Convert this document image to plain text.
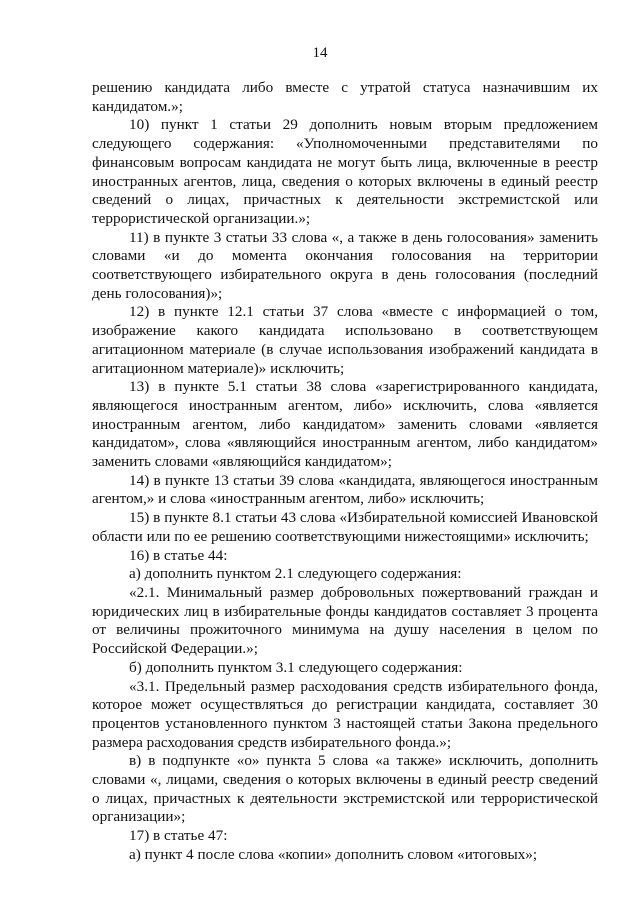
14

решению кандидата либо вместе с утратой статуса назначившим их кандидатом.»;

10) пункт 1 статьи 29 дополнить новым вторым предложением следующего содержания: «Уполномоченными представителями по финансовым вопросам кандидата не могут быть лица, включенные в реестр иностранных агентов, лица, сведения о которых включены в единый реестр сведений о лицах, причастных к деятельности экстремистской или террористической организации.»;

11) в пункте 3 статьи 33 слова «, а также в день голосования» заменить словами «и до момента окончания голосования на территории соответствующего избирательного округа в день голосования (последний день голосования)»;

12) в пункте 12.1 статьи 37 слова «вместе с информацией о том, изображение какого кандидата использовано в соответствующем агитационном материале (в случае использования изображений кандидата в агитационном материале)» исключить;

13) в пункте 5.1 статьи 38 слова «зарегистрированного кандидата, являющегося иностранным агентом, либо» исключить, слова «является иностранным агентом, либо кандидатом» заменить словами «является кандидатом», слова «являющийся иностранным агентом, либо кандидатом» заменить словами «являющийся кандидатом»;

14) в пункте 13 статьи 39 слова «кандидата, являющегося иностранным агентом,» и слова «иностранным агентом, либо» исключить;

15) в пункте 8.1 статьи 43 слова «Избирательной комиссией Ивановской области или по ее решению соответствующими нижестоящими» исключить;

16) в статье 44:

а) дополнить пунктом 2.1 следующего содержания:

«2.1. Минимальный размер добровольных пожертвований граждан и юридических лиц в избирательные фонды кандидатов составляет 3 процента от величины прожиточного минимума на душу населения в целом по Российской Федерации.»;

б) дополнить пунктом 3.1 следующего содержания:

«3.1. Предельный размер расходования средств избирательного фонда, которое может осуществляться до регистрации кандидата, составляет 30 процентов установленного пунктом 3 настоящей статьи Закона предельного размера расходования средств избирательного фонда.»;

в) в подпункте «о» пункта 5 слова «а также» исключить, дополнить словами «, лицами, сведения о которых включены в единый реестр сведений о лицах, причастных к деятельности экстремистской или террористической организации»;

17) в статье 47:

а) пункт 4 после слова «копии» дополнить словом «итоговых»;
